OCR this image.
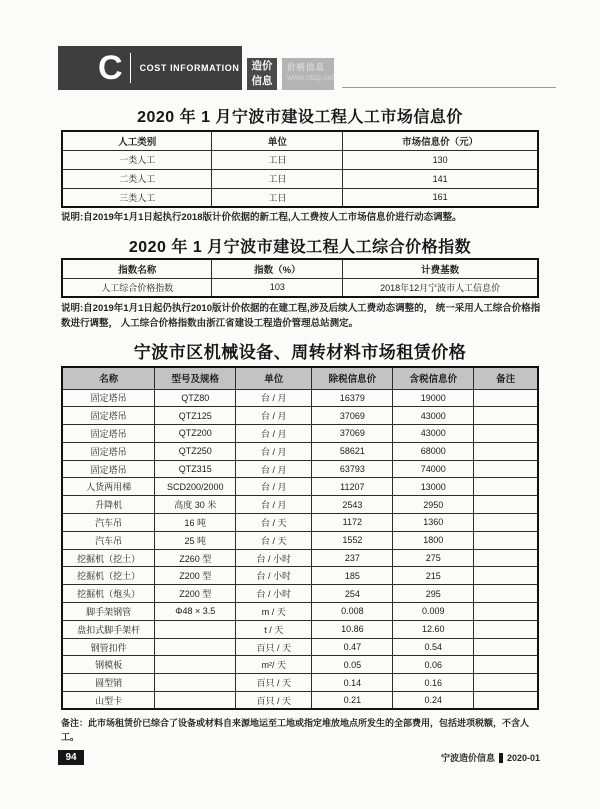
C COST INFORMATION	造价
信息
价格信息
www.nbzj.net
2020 年 1 月宁波市建设工程人工市场信息价
人工类别	单位	市场信息价（元）
一类人工	工日	130
二类人工	工日	141
三类人工	工日	161
说明:自2019年1月1日起执行2018版计价依据的新工程,人工费按人工市场信息价进行动态调整。
2020 年 1 月宁波市建设工程人工综合价格指数
指数名称	指数（%）	计费基数
人工综合价格指数	103	2018年12月宁波市人工信息价
说明:自2019年1月1日起仍执行2010版计价依据的在建工程,涉及后续人工费动态调整的， 统一采用人工综合价格指数进行调整， 人工综合价格指数由浙江省建设工程造价管理总站测定。
宁波市区机械设备、周转材料市场租赁价格
名称	型号及规格	单位	除税信息价	含税信息价	备注
固定塔吊	QTZ80	台 / 月	16379	19000	
固定塔吊	QTZ125	台 / 月	37069	43000	
固定塔吊	QTZ200	台 / 月	37069	43000	
固定塔吊	QTZ250	台 / 月	58621	68000	
固定塔吊	QTZ315	台 / 月	63793	74000	
人货两用梯	SCD200/2000	台 / 月	11207	13000	
升降机	高度 30 米	台 / 月	2543	2950	
汽车吊	16 吨	台 / 天	1172	1360	
汽车吊	25 吨	台 / 天	1552	1800	
挖掘机（挖土）	Z260 型	台 / 小时	237	275	
挖掘机（挖土）	Z200 型	台 / 小时	185	215	
挖掘机（炮头）	Z200 型	台 / 小时	254	295	
脚手架钢管	Φ48 × 3.5	m / 天	0.008	0.009	
盘扣式脚手架杆		t / 天	10.86	12.60	
钢管扣件		百只 / 天	0.47	0.54	
钢模板		m²/ 天	0.05	0.06	
圆型销		百只 / 天	0.14	0.16	
山型卡		百只 / 天	0.21	0.24	
备注：此市场租赁价已综合了设备或材料自来源地运至工地或指定堆放地点所发生的全部费用，包括进项税额，不含人工。
94	宁波造价信息 2020-01
